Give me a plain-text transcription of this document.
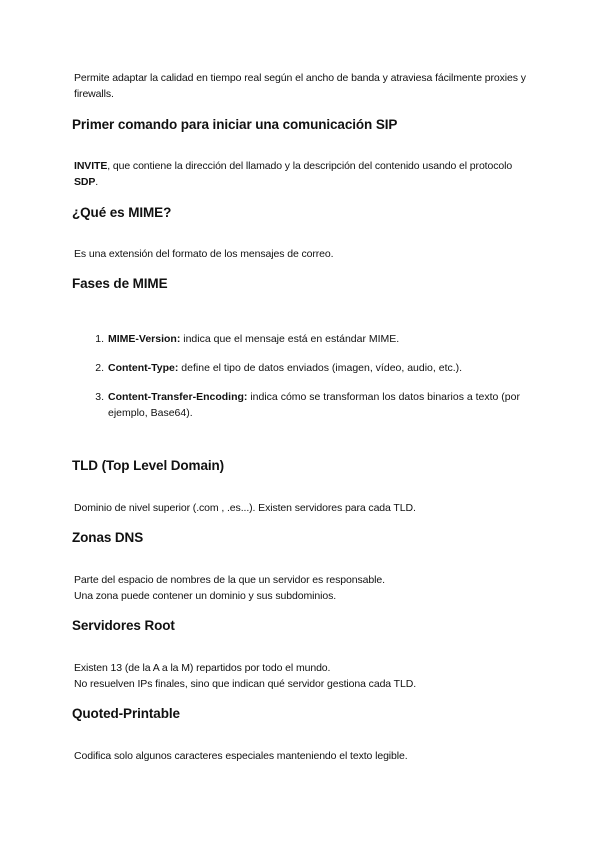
Permite adaptar la calidad en tiempo real según el ancho de banda y atraviesa fácilmente proxies y firewalls.
Primer comando para iniciar una comunicación SIP
INVITE, que contiene la dirección del llamado y la descripción del contenido usando el protocolo SDP.
¿Qué es MIME?
Es una extensión del formato de los mensajes de correo.
Fases de MIME
1. MIME-Version: indica que el mensaje está en estándar MIME.
2. Content-Type: define el tipo de datos enviados (imagen, vídeo, audio, etc.).
3. Content-Transfer-Encoding: indica cómo se transforman los datos binarios a texto (por ejemplo, Base64).
TLD (Top Level Domain)
Dominio de nivel superior (.com , .es...). Existen servidores para cada TLD.
Zonas DNS
Parte del espacio de nombres de la que un servidor es responsable.
Una zona puede contener un dominio y sus subdominios.
Servidores Root
Existen 13 (de la A a la M) repartidos por todo el mundo.
No resuelven IPs finales, sino que indican qué servidor gestiona cada TLD.
Quoted-Printable
Codifica solo algunos caracteres especiales manteniendo el texto legible.
